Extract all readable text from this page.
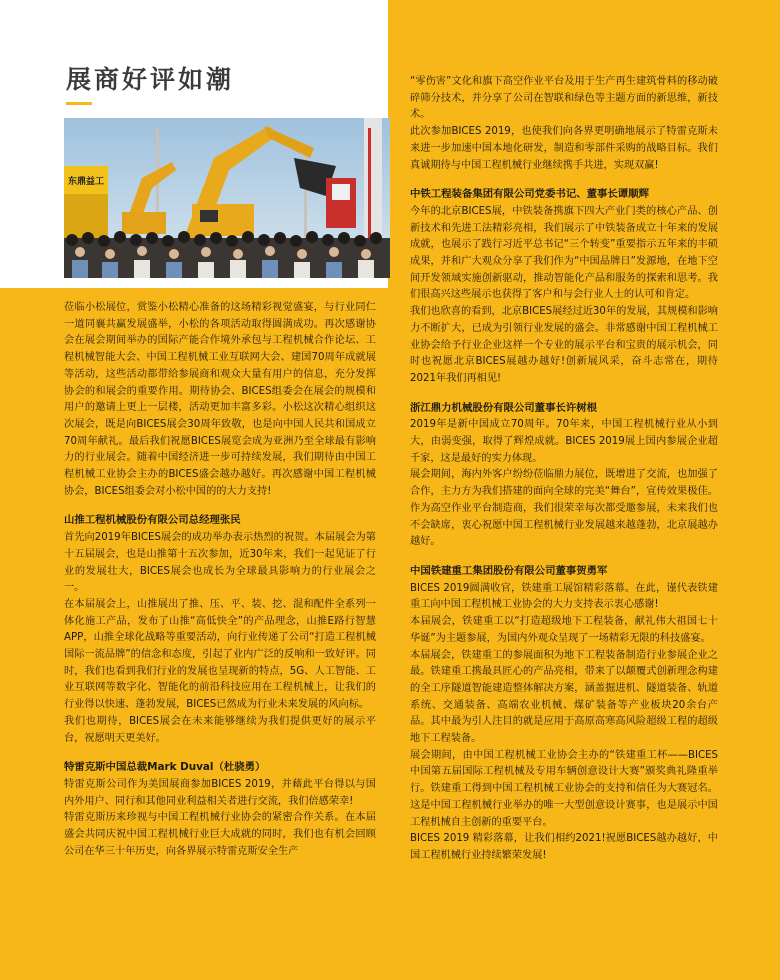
展商好评如潮
东鼎益工

莅临小松展位，赏鉴小松精心准备的这场精彩视觉盛宴，与行业同仁一道同襄共赢发展盛举，小松的各项活动取得圆满成功。再次感谢协会在展会期间举办的国际产能合作境外承包与工程机械合作论坛、工程机械智能大会、中国工程机械工业互联网大会、建国70周年成就展等活动，这些活动都带给参展商和观众大量有用户的信息，充分发挥协会的和展会的重要作用。期待协会、BICES组委会在展会的规模和用户的邀请上更上一层楼，活动更加丰富多彩。小松这次精心组织这次展会，既是向BICES展会30周年致敬，也是向中国人民共和国成立70周年献礼。最后我们祝愿BICES展览会成为亚洲乃至全球最有影响力的行业展会。随着中国经济进一步可持续发展，我们期待由中国工程机械工业协会主办的BICES盛会越办越好。再次感谢中国工程机械协会，BICES组委会对小松中国的的大力支持!

山推工程机械股份有限公司总经理张民

首先向2019年BICES展会的成功举办表示热烈的祝贺。本届展会为第十五届展会，也是山推第十五次参加，近30年来，我们一起见证了行业的发展壮大，BICES展会也成长为全球最具影响力的行业展会之一。

在本届展会上，山推展出了推、压、平、装、挖、混和配件全系列一体化施工产品，发布了山推“高低快全”的产品理念，山推E路行智慧APP，山推全球化战略等重要活动，向行业传递了公司“打造工程机械国际一流品牌”的信念和态度，引起了业内广泛的反响和一致好评。同时，我们也看到我们行业的发展也呈现新的特点，5G、人工智能、工业互联网等数字化、智能化的前沿科技应用在工程机械上，让我们的行业得以快速、蓬勃发展，BICES已然成为行业未来发展的风向标。

我们也期待，BICES展会在未来能够继续为我们提供更好的展示平台，祝愿明天更美好。

特雷克斯中国总裁Mark Duval（杜骁勇）

特雷克斯公司作为美国展商参加BICES 2019，并藉此平台得以与国内外用户、同行和其他同业利益相关者进行交流，我们倍感荣幸!

特雷克斯历来珍视与中国工程机械行业协会的紧密合作关系。在本届盛会共同庆祝中国工程机械行业巨大成就的同时，我们也有机会回顾公司在华三十年历史，向各界展示特雷克斯安全生产

“零伤害”文化和旗下高空作业平台及用于生产再生建筑骨料的移动破碎筛分技术，并分享了公司在智联和绿色等主题方面的新思维，新技术。

此次参加BICES 2019，也使我们向各界更明确地展示了特雷克斯未来进一步加速中国本地化研发，制造和零部件采购的战略目标。我们真诚期待与中国工程机械行业继续携手共进，实现双赢!

中铁工程装备集团有限公司党委书记、董事长谭顺辉

今年的北京BICES展，中铁装备携旗下四大产业门类的核心产品、创新技术和先进工法精彩亮相，我们展示了中铁装备成立十年来的发展成就，也展示了践行习近平总书记“三个转变”重要指示五年来的丰硕成果，并和广大观众分享了我们作为“中国品牌日”发源地，在地下空间开发领域实施创新驱动，推动智能化产品和服务的探索和思考。我们很高兴这些展示也获得了客户和与会行业人士的认可和肯定。

我们也欣喜的看到，北京BICES展经过近30年的发展，其规模和影响力不断扩大，已成为引领行业发展的盛会。非常感谢中国工程机械工业协会给予行业企业这样一个专业的展示平台和宝贵的展示机会，同时也祝愿北京BICES展越办越好!创新展风采，奋斗志常在，期待2021年我们再相见!

浙江鼎力机械股份有限公司董事长许树根

2019年是新中国成立70周年。70年来，中国工程机械行业从小到大，由弱变强，取得了辉煌成就。BICES 2019展上国内参展企业超千家，这是最好的实力体现。

展会期间，海内外客户纷纷莅临鼎力展位，既增进了交流，也加强了合作，主力方为我们搭建的面向全球的完美“舞台”，宣传效果极佳。作为高空作业平台制造商，我们很荣幸每次都受邀参展，未来我们也不会缺席，衷心祝愿中国工程机械行业发展越来越蓬勃，北京展越办越好。

中国铁建重工集团股份有限公司董事贺勇军

BICES 2019圆满收官，铁建重工展馆精彩落幕。在此，谨代表铁建重工向中国工程机械工业协会的大力支持表示衷心感谢!

本届展会，铁建重工以“打造超级地下工程装备，献礼伟大祖国七十华诞”为主题参展，为国内外观众呈现了一场精彩无限的科技盛宴。

本届展会，铁建重工的参展面积为地下工程装备制造行业参展企业之最。铁建重工携最具匠心的产品亮相，带来了以颠覆式创新理念构建的全工序隧道智能建造整体解决方案，涵盖掘进机、隧道装备、轨道系统、交通装备、高端农业机械、煤矿装备等产业板块20余台产品。其中最为引人注目的就是应用于高原高寒高风险超级工程的超级地下工程装备。

展会期间，由中国工程机械工业协会主办的“铁建重工杯——BICES中国第五届国际工程机械及专用车辆创意设计大赛”颁奖典礼隆重举行。铁建重工得到中国工程机械工业协会的支持和信任为大赛冠名。这是中国工程机械行业举办的唯一大型创意设计赛事，也是展示中国工程机械自主创新的重要平台。

BICES 2019 精彩落幕，让我们相约2021!祝愿BICES越办越好，中国工程机械行业持续繁荣发展!
